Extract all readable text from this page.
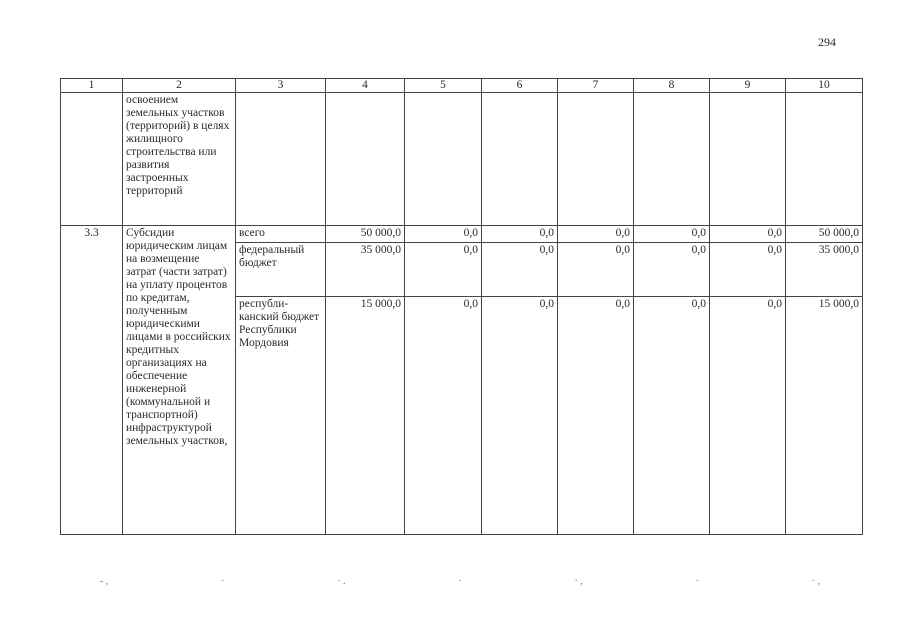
294
1	2	3	4	5	6	7	8	9	10
	освоением земельных участков (территорий) в целях жилищного строительства или развития застроенных территорий								
3.3	Субсидии юридическим лицам на возмещение затрат (части затрат) на уплату процентов по кредитам, полученным юридическими лицами в российских кредитных организациях на обеспечение инженерной (коммунальной и транспортной) инфраструктурой земельных участков,	всего	50 000,0	0,0	0,0	0,0	0,0	0,0	50 000,0
		федеральный бюджет	35 000,0	0,0	0,0	0,0	0,0	0,0	35 000,0
		республи-канский бюджет Республики Мордовия	15 000,0	0,0	0,0	0,0	0,0	0,0	15 000,0
- ,	·	· .	·	· ,	·	· ,
